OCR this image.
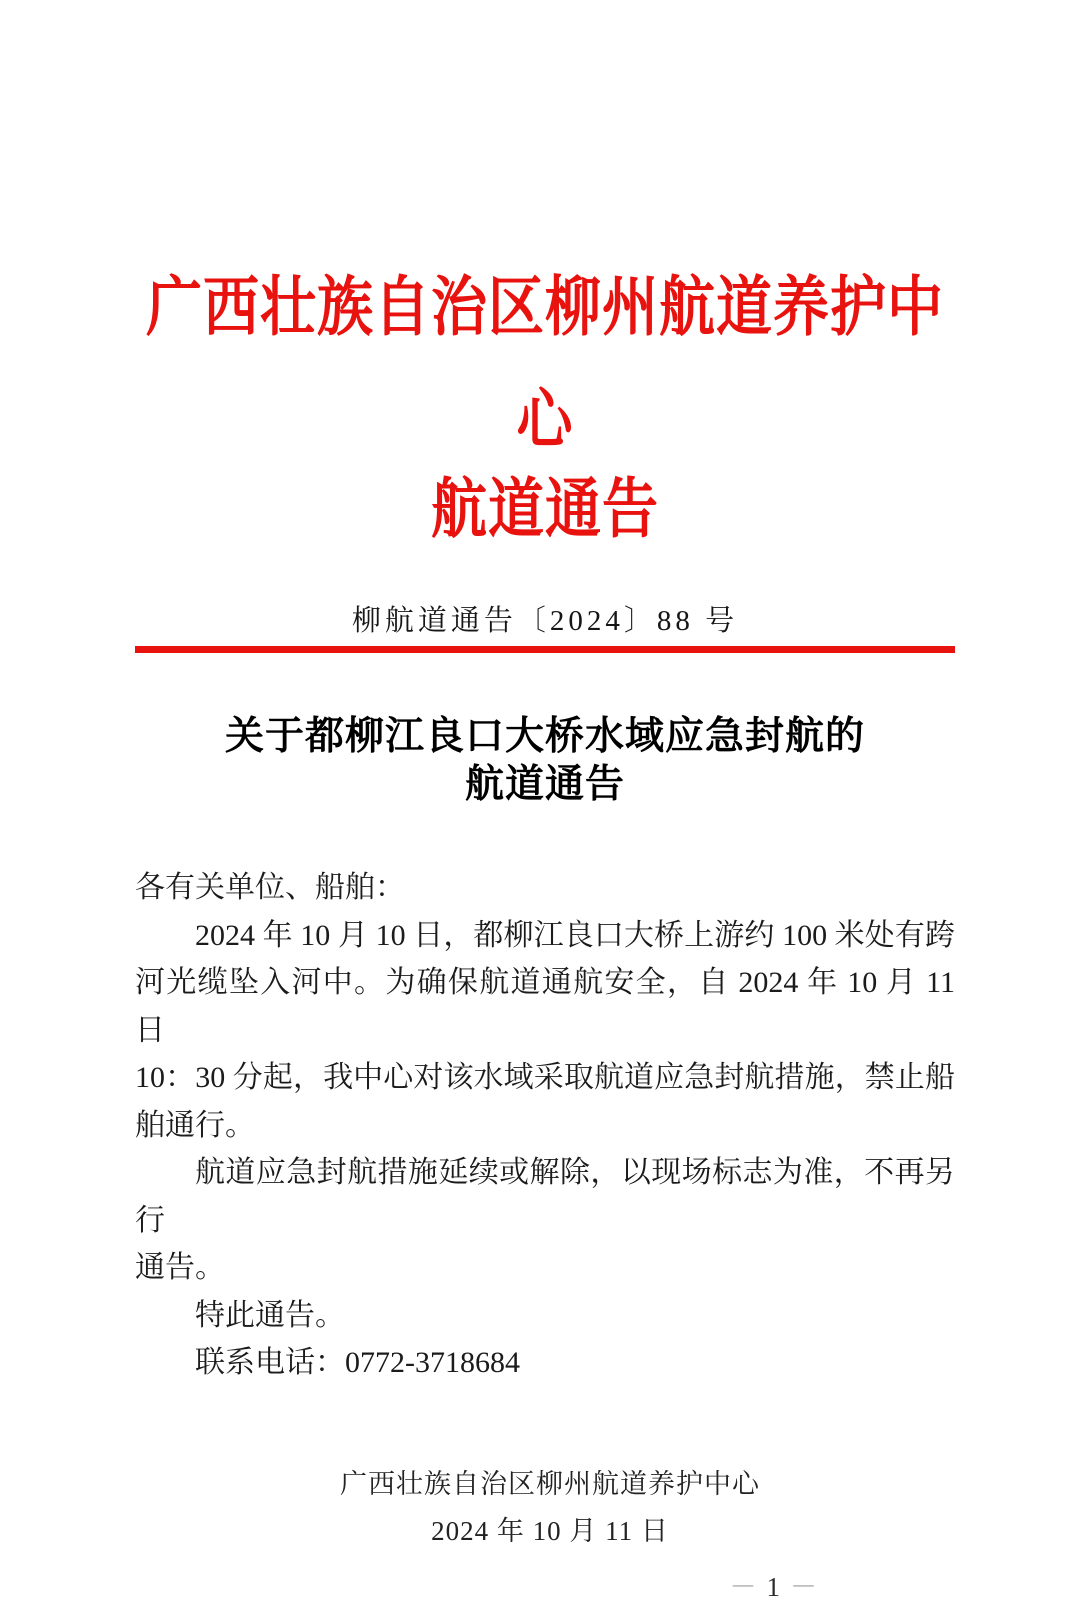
广西壮族自治区柳州航道养护中心
航道通告
柳航道通告〔2024〕88 号
关于都柳江良口大桥水域应急封航的
航道通告
各有关单位、船舶：
2024 年 10 月 10 日，都柳江良口大桥上游约 100 米处有跨
河光缆坠入河中。为确保航道通航安全，自 2024 年 10 月 11 日
10：30 分起，我中心对该水域采取航道应急封航措施，禁止船
舶通行。
航道应急封航措施延续或解除，以现场标志为准，不再另行
通告。
特此通告。
联系电话：0772-3718684
广西壮族自治区柳州航道养护中心
2024 年 10 月 11 日
－ 1 －
